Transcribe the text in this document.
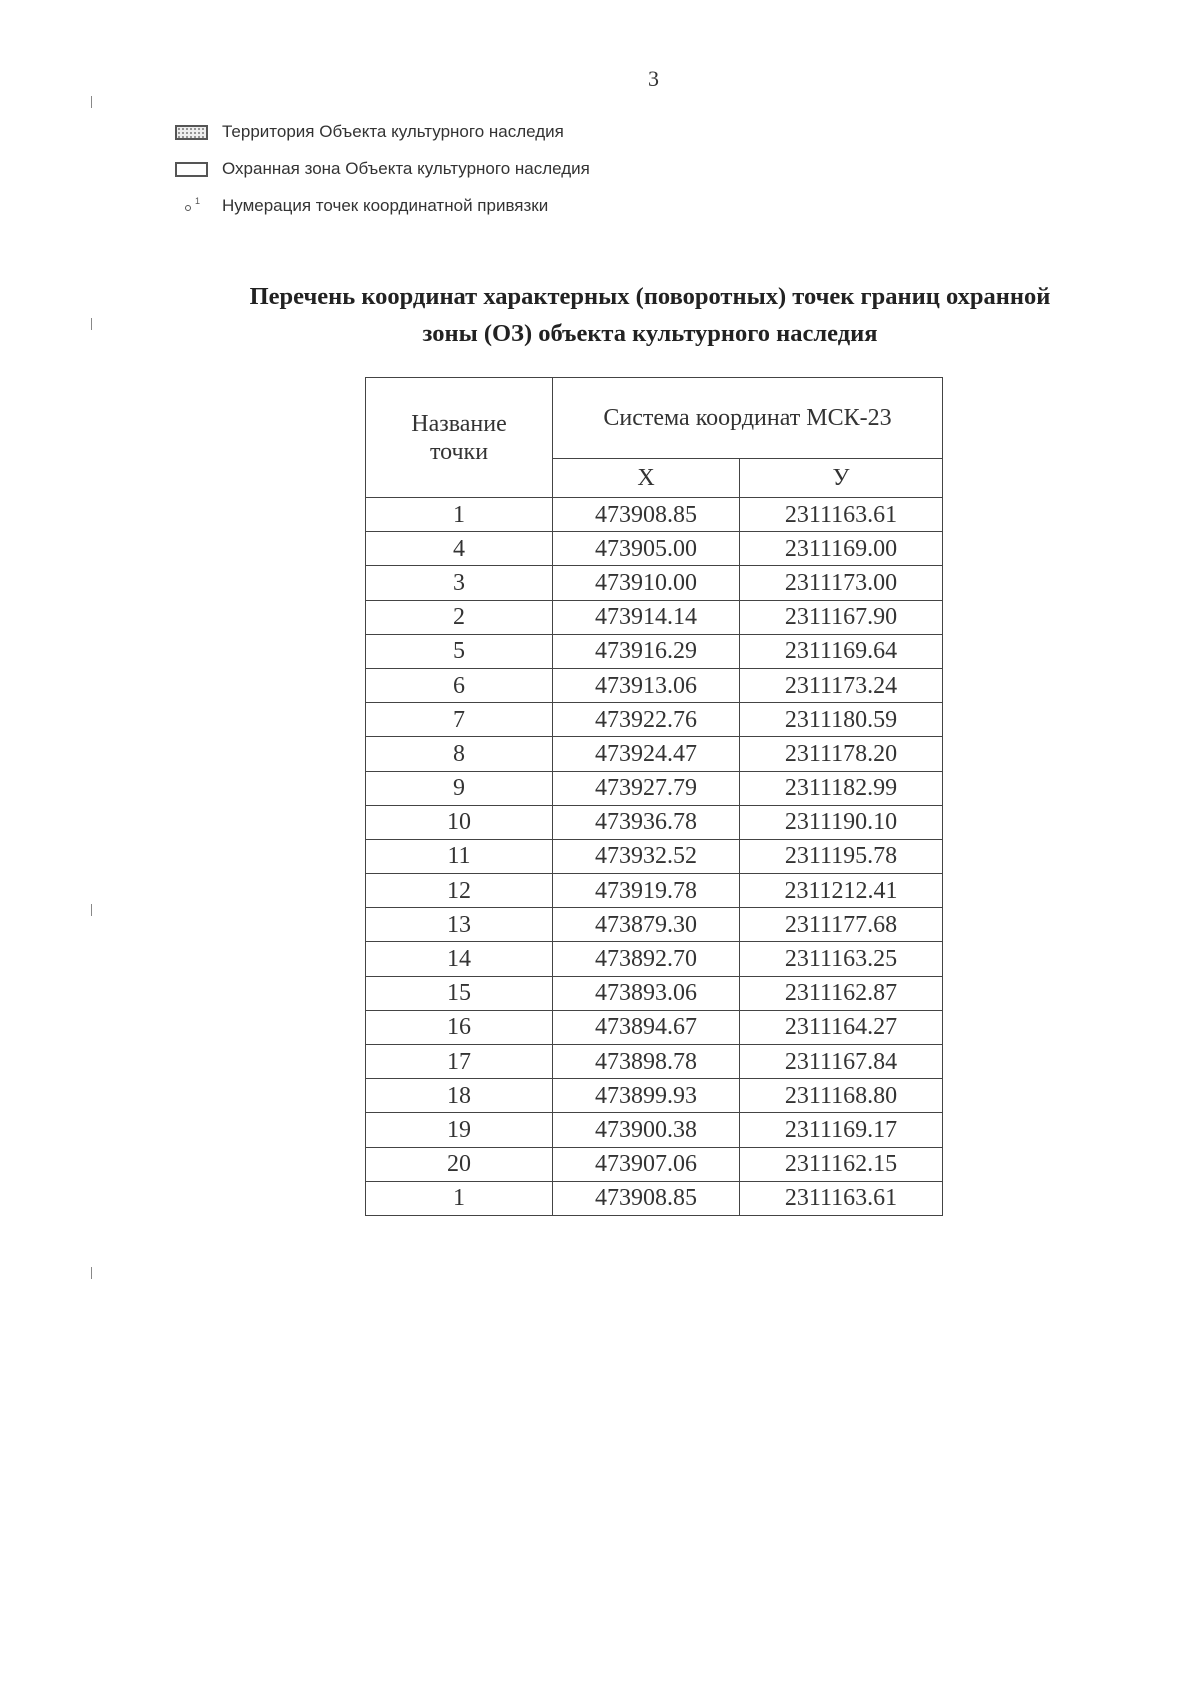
3
Территория Объекта культурного наследия
Охранная зона Объекта культурного наследия
1 Нумерация точек координатной привязки
Перечень координат характерных (поворотных) точек границ охранной
зоны (ОЗ) объекта культурного наследия
Название
точки	Система координат МСК-23	
	Х	У
1	473908.85	2311163.61
4	473905.00	2311169.00
3	473910.00	2311173.00
2	473914.14	2311167.90
5	473916.29	2311169.64
6	473913.06	2311173.24
7	473922.76	2311180.59
8	473924.47	2311178.20
9	473927.79	2311182.99
10	473936.78	2311190.10
11	473932.52	2311195.78
12	473919.78	2311212.41
13	473879.30	2311177.68
14	473892.70	2311163.25
15	473893.06	2311162.87
16	473894.67	2311164.27
17	473898.78	2311167.84
18	473899.93	2311168.80
19	473900.38	2311169.17
20	473907.06	2311162.15
1	473908.85	2311163.61
